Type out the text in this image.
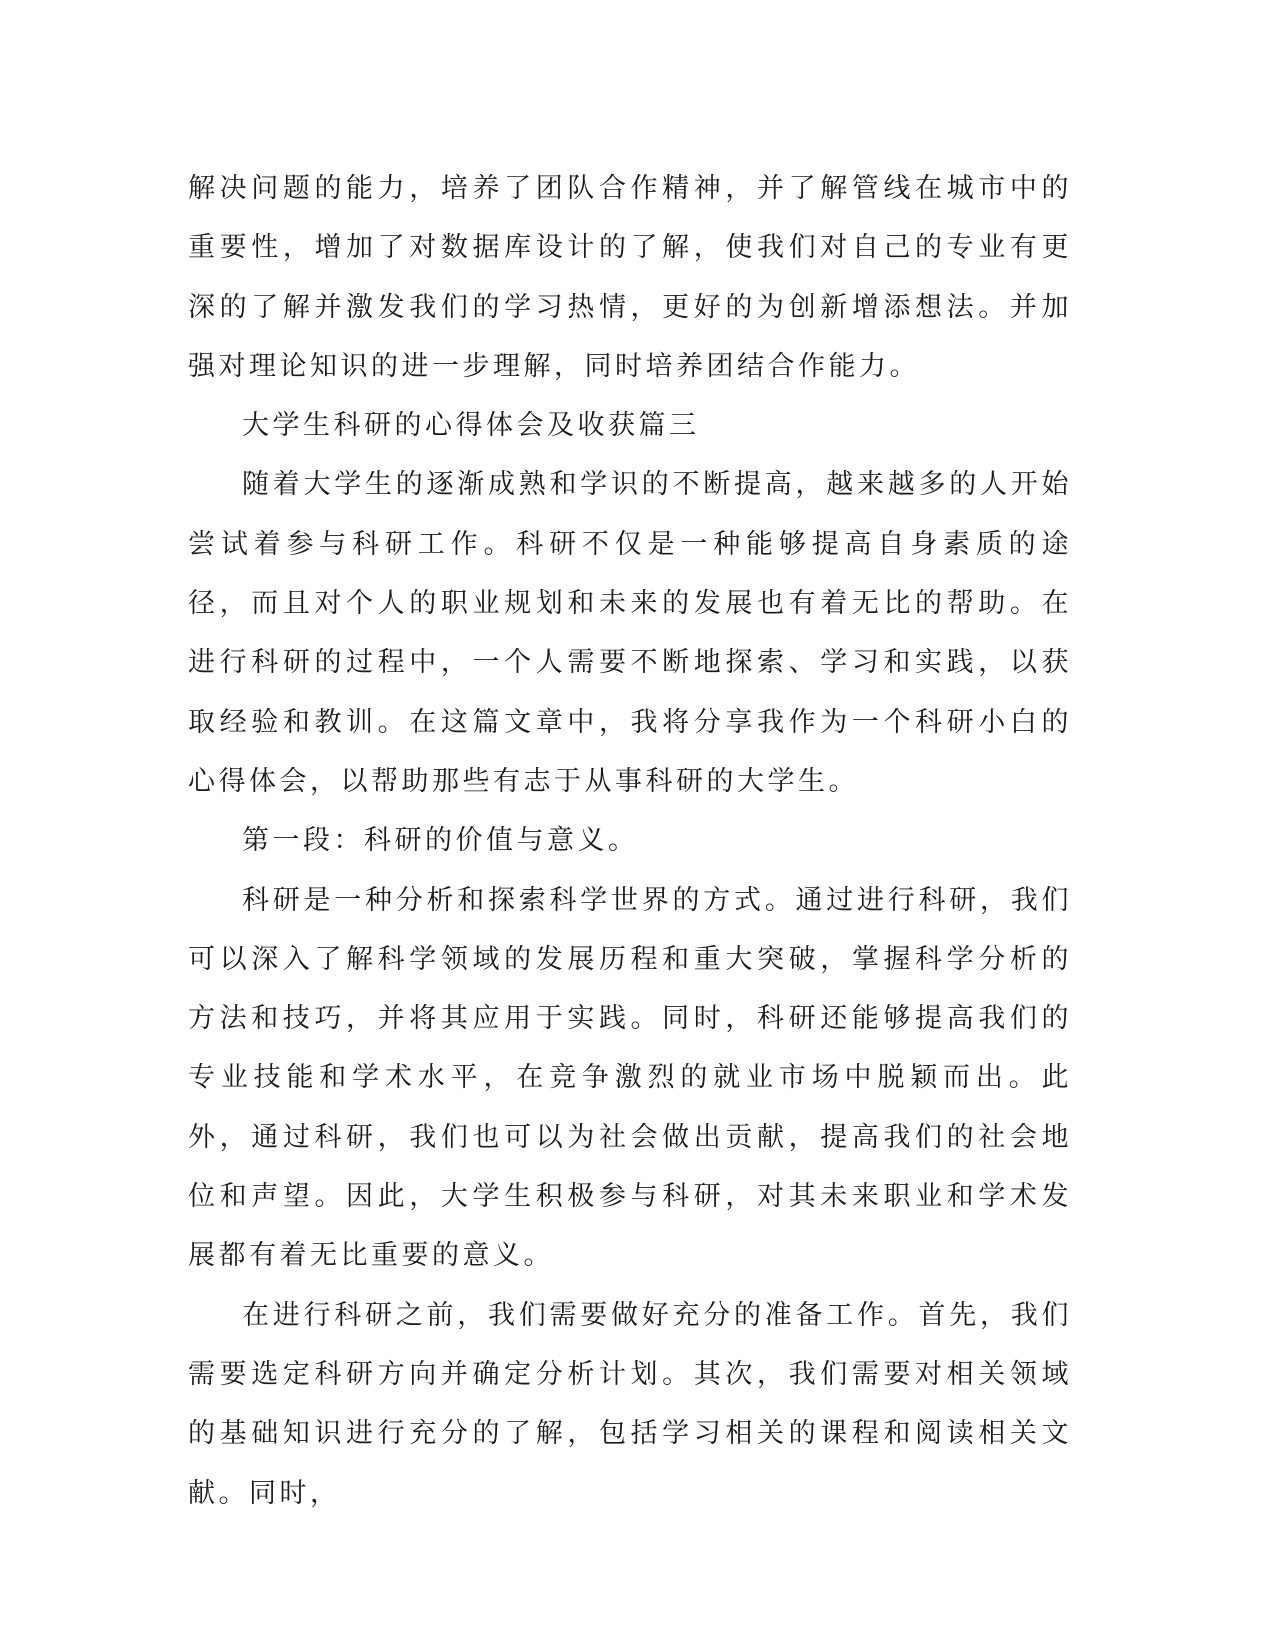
解决问题的能力，培养了团队合作精神，并了解管线在城市中的重要性，增加了对数据库设计的了解，使我们对自己的专业有更深的了解并激发我们的学习热情，更好的为创新增添想法。并加强对理论知识的进一步理解，同时培养团结合作能力。

大学生科研的心得体会及收获篇三

随着大学生的逐渐成熟和学识的不断提高，越来越多的人开始尝试着参与科研工作。科研不仅是一种能够提高自身素质的途径，而且对个人的职业规划和未来的发展也有着无比的帮助。在进行科研的过程中，一个人需要不断地探索、学习和实践，以获取经验和教训。在这篇文章中，我将分享我作为一个科研小白的心得体会，以帮助那些有志于从事科研的大学生。

第一段：科研的价值与意义。

科研是一种分析和探索科学世界的方式。通过进行科研，我们可以深入了解科学领域的发展历程和重大突破，掌握科学分析的方法和技巧，并将其应用于实践。同时，科研还能够提高我们的专业技能和学术水平，在竞争激烈的就业市场中脱颖而出。此外，通过科研，我们也可以为社会做出贡献，提高我们的社会地位和声望。因此，大学生积极参与科研，对其未来职业和学术发展都有着无比重要的意义。

在进行科研之前，我们需要做好充分的准备工作。首先，我们需要选定科研方向并确定分析计划。其次，我们需要对相关领域的基础知识进行充分的了解，包括学习相关的课程和阅读相关文献。同时，
